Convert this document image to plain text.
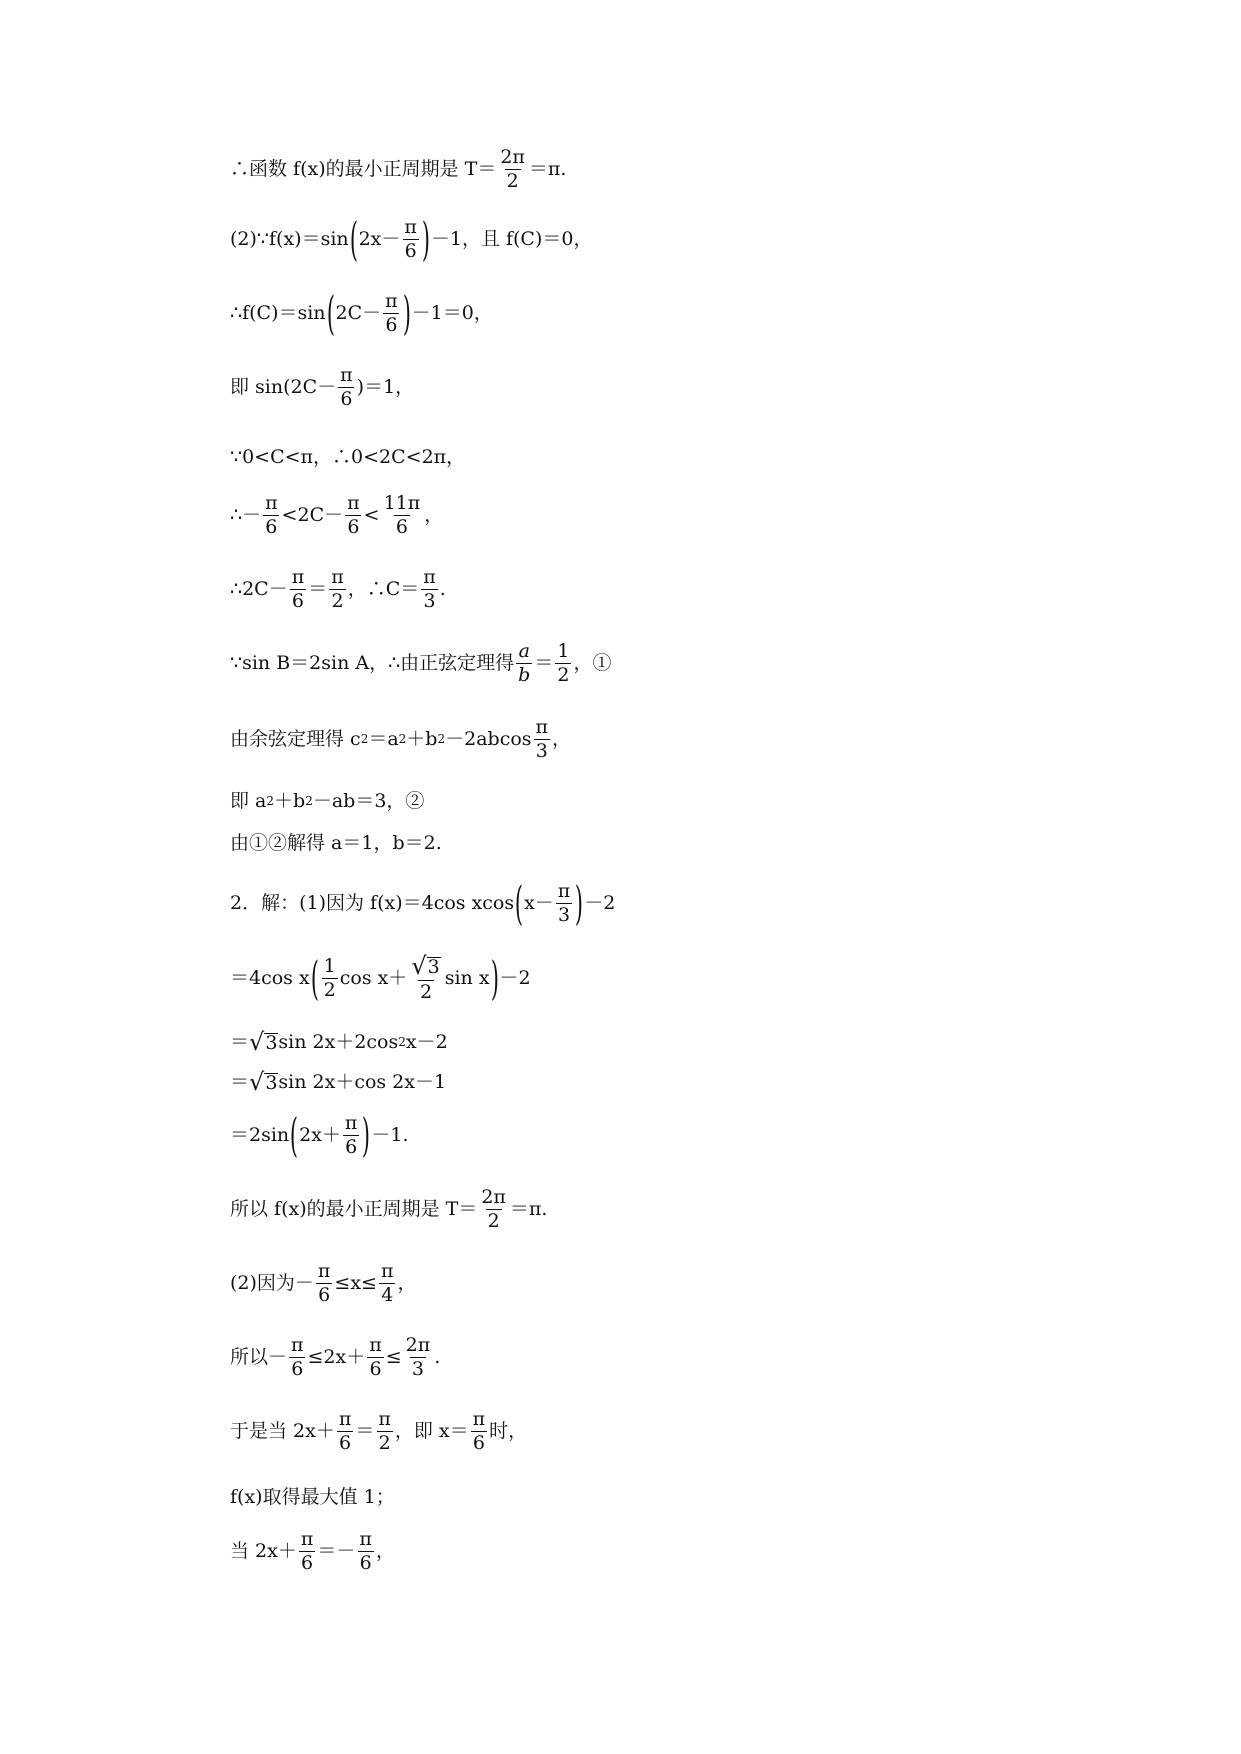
∴函数 f(x)的最小正周期是 $T= \frac{2\pi}{2} =\pi$.
(2)∵f(x)＝sin ( $2x- \frac{\pi}{6}$ ) －1，且 f(C)＝0，
∴f(C)＝sin ( $2C- \frac{\pi}{6}$ ) －1＝0，
即 $\sin(2C- \frac{\pi}{6} )=1$，
∵0<C<π，∴0<2C<2π，
∴－ $\frac{\pi}{6} <2C- \frac{\pi}{6} < \frac{11\pi}{6}$ ，
∴2C－ $\frac{\pi}{6} = \frac{\pi}{2}$ ，∴C＝ $\frac{\pi}{3}$ .
∵sin B＝2sin A，∴由正弦定理得 $\frac{a}{b} = \frac{1}{2}$ ，①
由余弦定理得 c 2 ＝a 2 ＋b $2 -2abcos \frac{\pi}{3}$ ，
即 a 2 ＋b 2 －ab＝3，②
由①②解得 a＝1，b＝2.
2．解：(1)因为 f(x)＝4cos xcos ( $x- \frac{\pi}{3}$ ) －2
＝4cos x ( $\frac{1}{2}$ $\cos x+ \frac{√ 3}{2}$ sin x ) －2
＝ √ 3 sin 2x＋2cos 2 x－2
＝ √ 3 sin 2x＋cos 2x－1
＝2sin ( $2x+ \frac{\pi}{6}$ ) －1.
所以 f(x)的最小正周期是 $T= \frac{2\pi}{2} =\pi$.
(2)因为－ $\frac{\pi}{6} \le x\le \frac{\pi}{4}$ ，
所以－ $\frac{\pi}{6} \le 2x+ \frac{\pi}{6} \le \frac{2\pi}{3}$ .
于是当 $2x+ \frac{\pi}{6} = \frac{\pi}{2}$ ，即 $x= \frac{\pi}{6}$ 时，
f(x)取得最大值 1；
当 $2x+ \frac{\pi}{6} =- \frac{\pi}{6}$ ，
